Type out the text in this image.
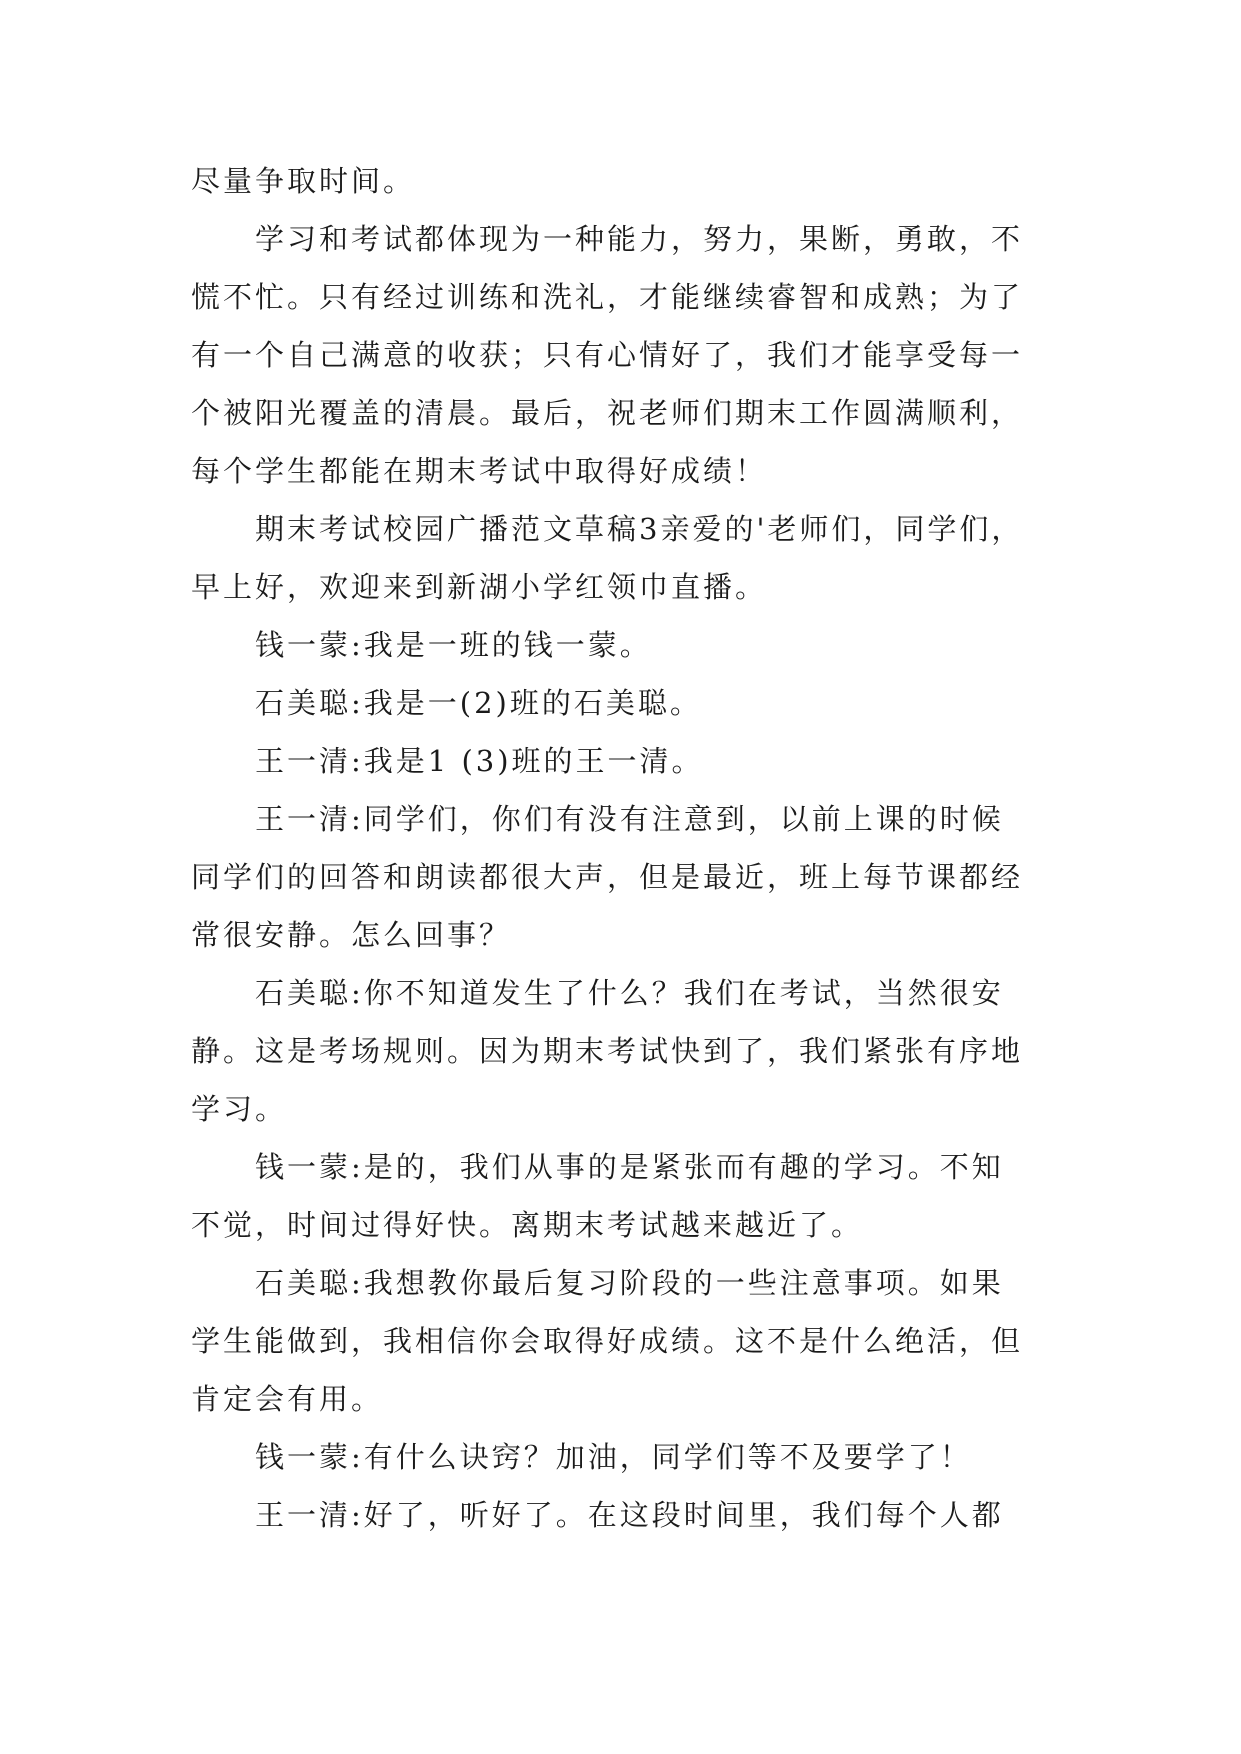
尽量争取时间。
学习和考试都体现为一种能力，努力，果断，勇敢，不
慌不忙。只有经过训练和洗礼，才能继续睿智和成熟；为了
有一个自己满意的收获；只有心情好了，我们才能享受每一
个被阳光覆盖的清晨。最后，祝老师们期末工作圆满顺利，
每个学生都能在期末考试中取得好成绩！
期末考试校园广播范文草稿3亲爱的'老师们，同学们，
早上好，欢迎来到新湖小学红领巾直播。
钱一蒙:我是一班的钱一蒙。
石美聪:我是一(2)班的石美聪。
王一清:我是1 (3)班的王一清。
王一清:同学们，你们有没有注意到，以前上课的时候
同学们的回答和朗读都很大声，但是最近，班上每节课都经
常很安静。怎么回事？
石美聪:你不知道发生了什么？我们在考试，当然很安
静。这是考场规则。因为期末考试快到了，我们紧张有序地
学习。
钱一蒙:是的，我们从事的是紧张而有趣的学习。不知
不觉，时间过得好快。离期末考试越来越近了。
石美聪:我想教你最后复习阶段的一些注意事项。如果
学生能做到，我相信你会取得好成绩。这不是什么绝活，但
肯定会有用。
钱一蒙:有什么诀窍？加油，同学们等不及要学了！
王一清:好了，听好了。在这段时间里，我们每个人都
